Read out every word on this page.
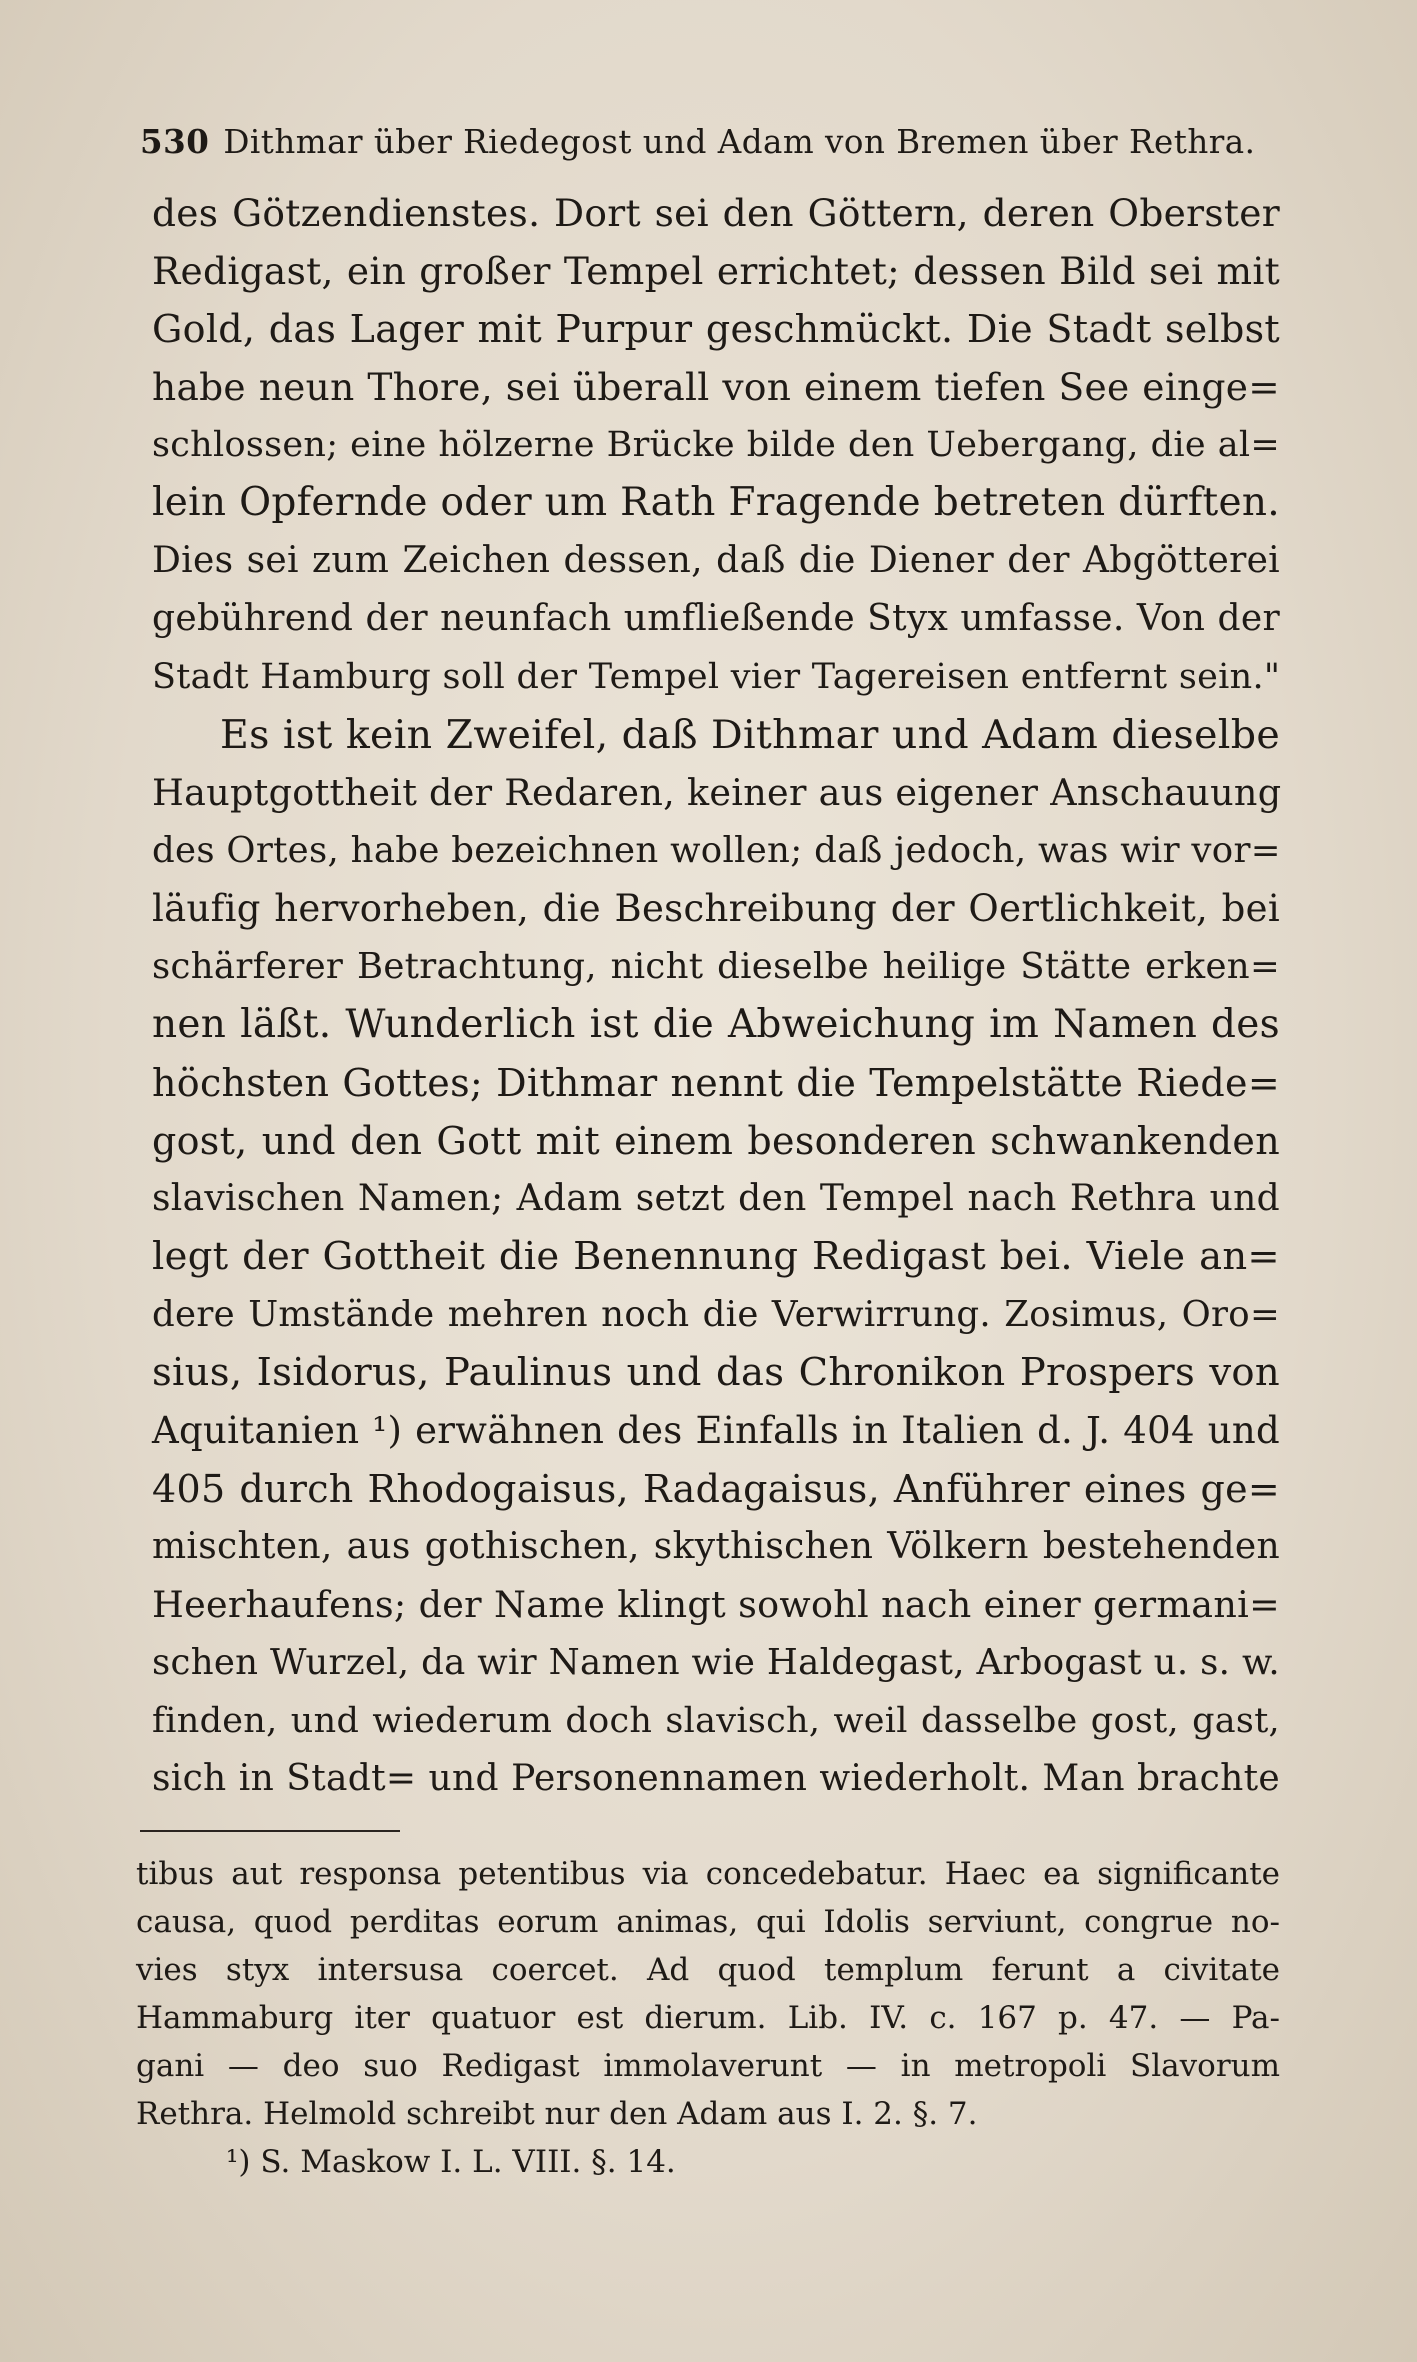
530 Dithmar über Riedegost und Adam von Bremen über Rethra.
des Götzendienstes. Dort sei den Göttern, deren Oberster
Redigast, ein großer Tempel errichtet; dessen Bild sei mit
Gold, das Lager mit Purpur geschmückt. Die Stadt selbst
habe neun Thore, sei überall von einem tiefen See einge=
schlossen; eine hölzerne Brücke bilde den Uebergang, die al=
lein Opfernde oder um Rath Fragende betreten dürften.
Dies sei zum Zeichen dessen, daß die Diener der Abgötterei
gebührend der neunfach umfließende Styx umfasse. Von der
Stadt Hamburg soll der Tempel vier Tagereisen entfernt sein."
Es ist kein Zweifel, daß Dithmar und Adam dieselbe
Hauptgottheit der Redaren, keiner aus eigener Anschauung
des Ortes, habe bezeichnen wollen; daß jedoch, was wir vor=
läufig hervorheben, die Beschreibung der Oertlichkeit, bei
schärferer Betrachtung, nicht dieselbe heilige Stätte erken=
nen läßt. Wunderlich ist die Abweichung im Namen des
höchsten Gottes; Dithmar nennt die Tempelstätte Riede=
gost, und den Gott mit einem besonderen schwankenden
slavischen Namen; Adam setzt den Tempel nach Rethra und
legt der Gottheit die Benennung Redigast bei. Viele an=
dere Umstände mehren noch die Verwirrung. Zosimus, Oro=
sius, Isidorus, Paulinus und das Chronikon Prospers von
Aquitanien ¹) erwähnen des Einfalls in Italien d. J. 404 und
405 durch Rhodogaisus, Radagaisus, Anführer eines ge=
mischten, aus gothischen, skythischen Völkern bestehenden
Heerhaufens; der Name klingt sowohl nach einer germani=
schen Wurzel, da wir Namen wie Haldegast, Arbogast u. s. w.
finden, und wiederum doch slavisch, weil dasselbe gost, gast,
sich in Stadt= und Personennamen wiederholt. Man brachte
tibus aut responsa petentibus via concedebatur. Haec ea significante
causa, quod perditas eorum animas, qui Idolis serviunt, congrue no-
vies styx intersusa coercet. Ad quod templum ferunt a civitate
Hammaburg iter quatuor est dierum. Lib. IV. c. 167 p. 47. — Pa-
gani — deo suo Redigast immolaverunt — in metropoli Slavorum
Rethra. Helmold schreibt nur den Adam aus I. 2. §. 7.
¹) S. Maskow I. L. VIII. §. 14.
